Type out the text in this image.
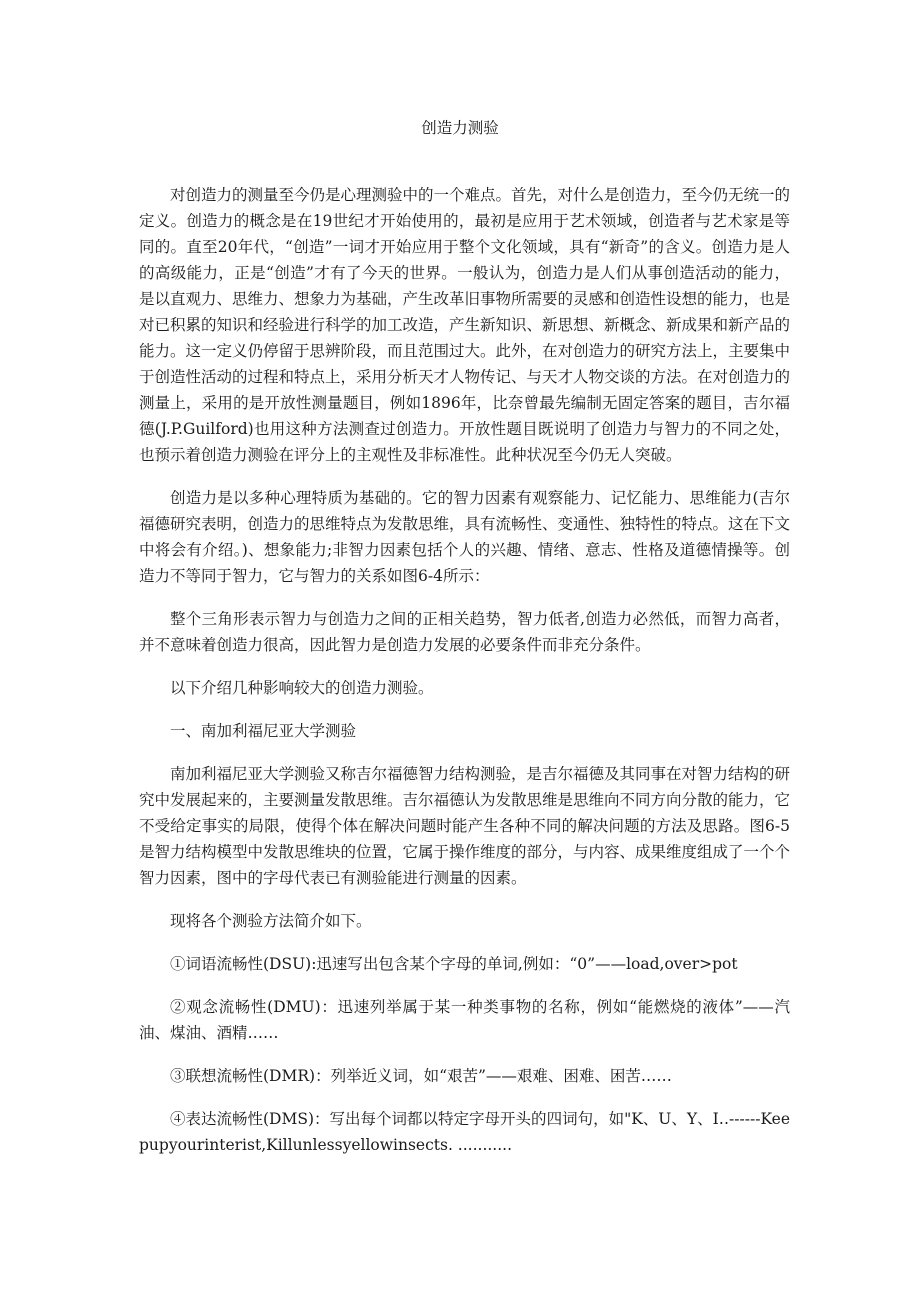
创造力测验

对创造力的测量至今仍是心理测验中的一个难点。首先，对什么是创造力，至今仍无统一的定义。创造力的概念是在19世纪才开始使用的，最初是应用于艺术领域，创造者与艺术家是等同的。直至20年代，“创造”一词才开始应用于整个文化领域，具有“新奇”的含义。创造力是人的高级能力，正是“创造”才有了今天的世界。一般认为，创造力是人们从事创造活动的能力，是以直观力、思维力、想象力为基础，产生改革旧事物所需要的灵感和创造性设想的能力，也是对已积累的知识和经验进行科学的加工改造，产生新知识、新思想、新概念、新成果和新产品的能力。这一定义仍停留于思辨阶段，而且范围过大。此外，在对创造力的研究方法上，主要集中于创造性活动的过程和特点上，采用分析天才人物传记、与天才人物交谈的方法。在对创造力的测量上，采用的是开放性测量题目，例如1896年，比奈曾最先编制无固定答案的题目，吉尔福德(J.P.Guilford)也用这种方法测查过创造力。开放性题目既说明了创造力与智力的不同之处，也预示着创造力测验在评分上的主观性及非标准性。此种状况至今仍无人突破。

创造力是以多种心理特质为基础的。它的智力因素有观察能力、记忆能力、思维能力(吉尔福德研究表明，创造力的思维特点为发散思维，具有流畅性、变通性、独特性的特点。这在下文中将会有介绍。)、想象能力;非智力因素包括个人的兴趣、情绪、意志、性格及道德情操等。创造力不等同于智力，它与智力的关系如图6-4所示：

整个三角形表示智力与创造力之间的正相关趋势，智力低者,创造力必然低，而智力高者，并不意味着创造力很高，因此智力是创造力发展的必要条件而非充分条件。

以下介绍几种影响较大的创造力测验。

一、南加利福尼亚大学测验

南加利福尼亚大学测验又称吉尔福德智力结构测验，是吉尔福德及其同事在对智力结构的研究中发展起来的，主要测量发散思维。吉尔福德认为发散思维是思维向不同方向分散的能力，它不受给定事实的局限，使得个体在解决问题时能产生各种不同的解决问题的方法及思路。图6-5是智力结构模型中发散思维块的位置，它属于操作维度的部分，与内容、成果维度组成了一个个智力因素，图中的字母代表已有测验能进行测量的因素。

现将各个测验方法简介如下。

①词语流畅性(DSU):迅速写出包含某个字母的单词,例如：“0”——load,over>pot

②观念流畅性(DMU)：迅速列举属于某一种类事物的名称，例如“能燃烧的液体”——汽油、煤油、酒精……

③联想流畅性(DMR)：列举近义词，如“艰苦”——艰难、困难、困苦……

④表达流畅性(DMS)：写出每个词都以特定字母开头的四词句，如"K、U、Y、I‥------Keepupyourinterist,Killunlessyellowinsects. ...........
